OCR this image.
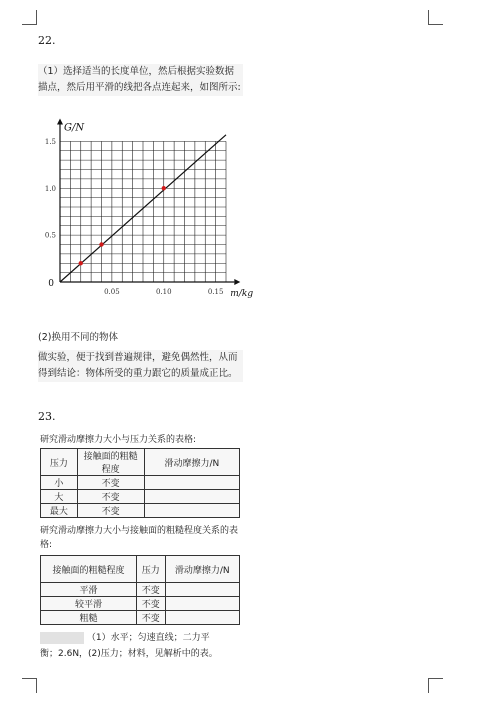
22.
（1）选择适当的长度单位，然后根据实验数据描点，然后用平滑的线把各点连起来，如图所示:
0.05	0.10	0.15
0.5
1.0
1.5
0
G/N
m/kg
(2)换用不同的物体
做实验，便于找到普遍规律，避免偶然性，从而得到结论：物体所受的重力跟它的质量成正比。
23.
研究滑动摩擦力大小与压力关系的表格:
压力	接触面的粗糙程度	滑动摩擦力/N
小	不变	
大	不变	
最大	不变	
研究滑动摩擦力大小与接触面的粗糙程度关系的表格:
接触面的粗糙程度	压力	滑动摩擦力/N
平滑	不变	
较平滑	不变	
粗糙	不变	
（1）水平；匀速直线；二力平
衡；2.6N，(2)压力；材料，见解析中的表。
